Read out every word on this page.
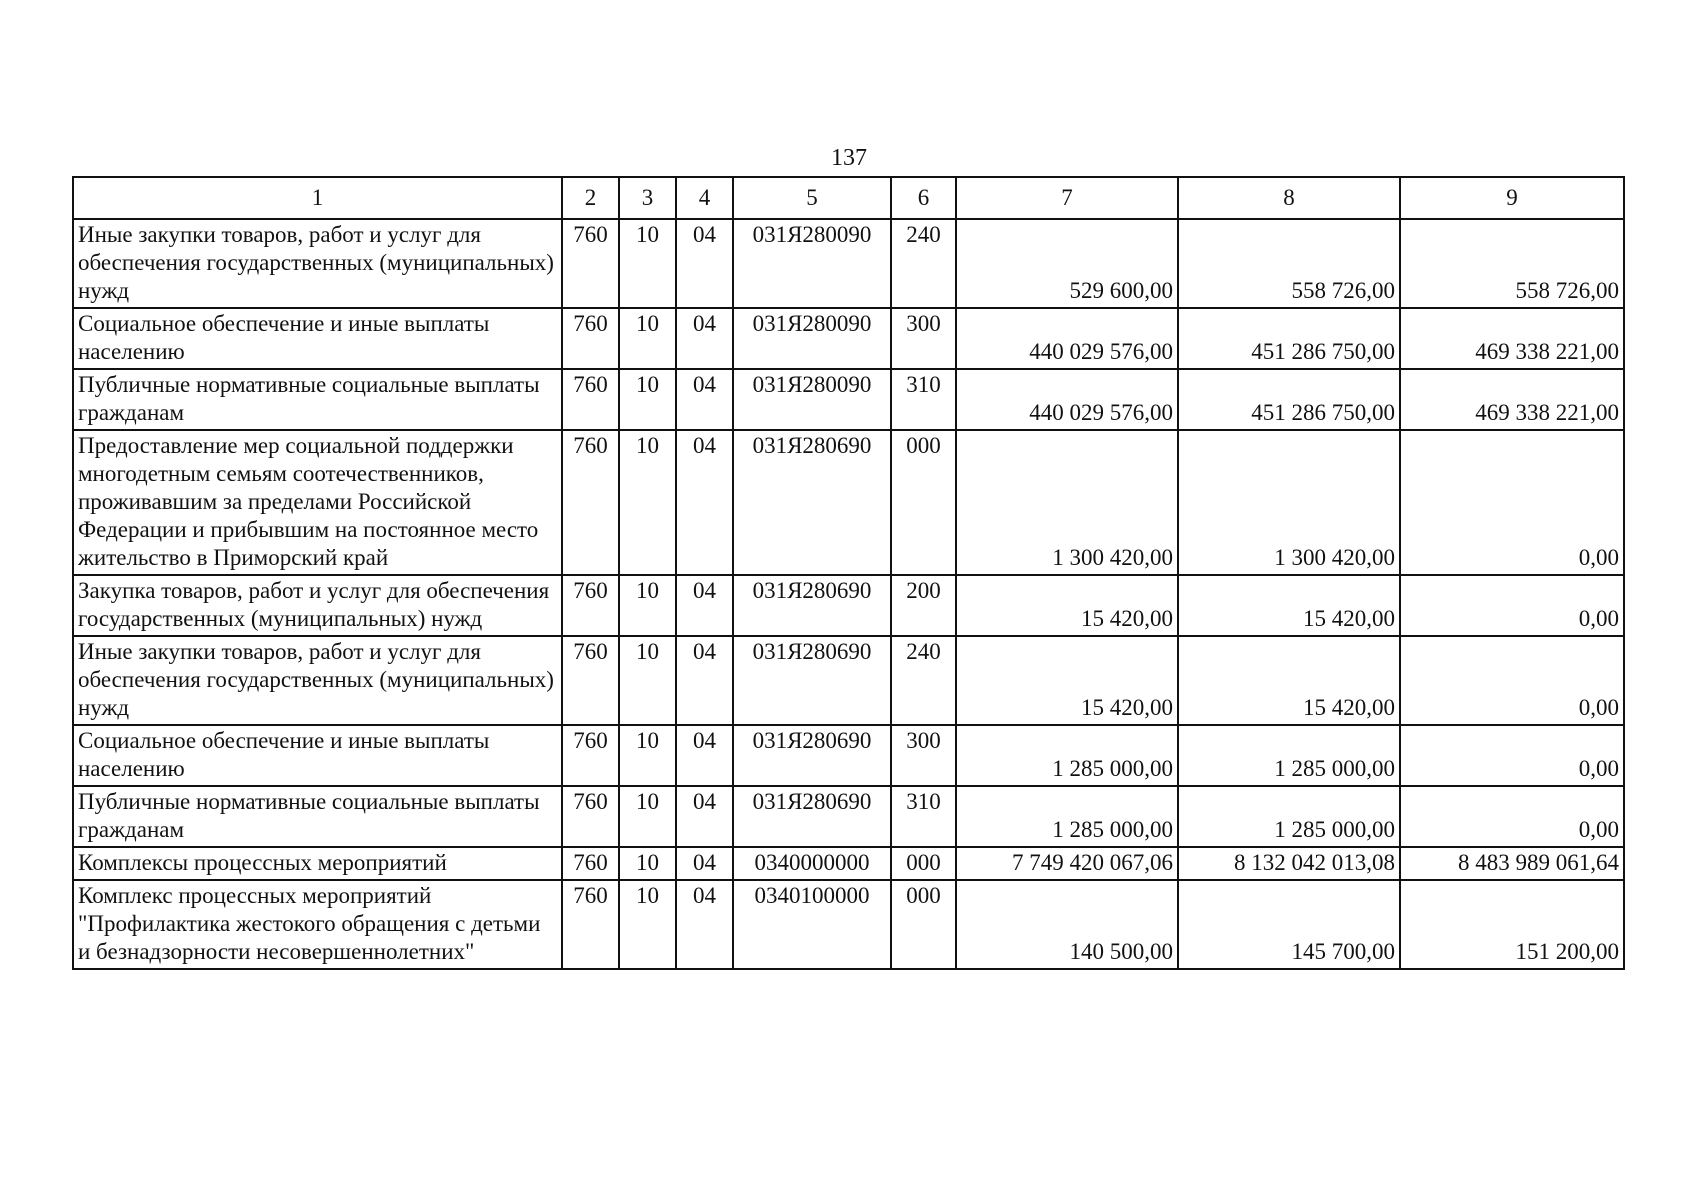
137
1	2	3	4	5	6	7	8	9
Иные закупки товаров, работ и услуг для обеспечения государственных (муниципальных) нужд	760	10	04	031Я280090	240	529 600,00	558 726,00	558 726,00
Социальное обеспечение и иные выплаты населению	760	10	04	031Я280090	300	440 029 576,00	451 286 750,00	469 338 221,00
Публичные нормативные социальные выплаты гражданам	760	10	04	031Я280090	310	440 029 576,00	451 286 750,00	469 338 221,00
Предоставление мер социальной поддержки многодетным семьям соотечественников, проживавшим за пределами Российской Федерации и прибывшим на постоянное место жительство в Приморский край	760	10	04	031Я280690	000	1 300 420,00	1 300 420,00	0,00
Закупка товаров, работ и услуг для обеспечения государственных (муниципальных) нужд	760	10	04	031Я280690	200	15 420,00	15 420,00	0,00
Иные закупки товаров, работ и услуг для обеспечения государственных (муниципальных) нужд	760	10	04	031Я280690	240	15 420,00	15 420,00	0,00
Социальное обеспечение и иные выплаты населению	760	10	04	031Я280690	300	1 285 000,00	1 285 000,00	0,00
Публичные нормативные социальные выплаты гражданам	760	10	04	031Я280690	310	1 285 000,00	1 285 000,00	0,00
Комплексы процессных мероприятий	760	10	04	0340000000	000	7 749 420 067,06	8 132 042 013,08	8 483 989 061,64
Комплекс процессных мероприятий "Профилактика жестокого обращения с детьми и безнадзорности несовершеннолетних"	760	10	04	0340100000	000	140 500,00	145 700,00	151 200,00
